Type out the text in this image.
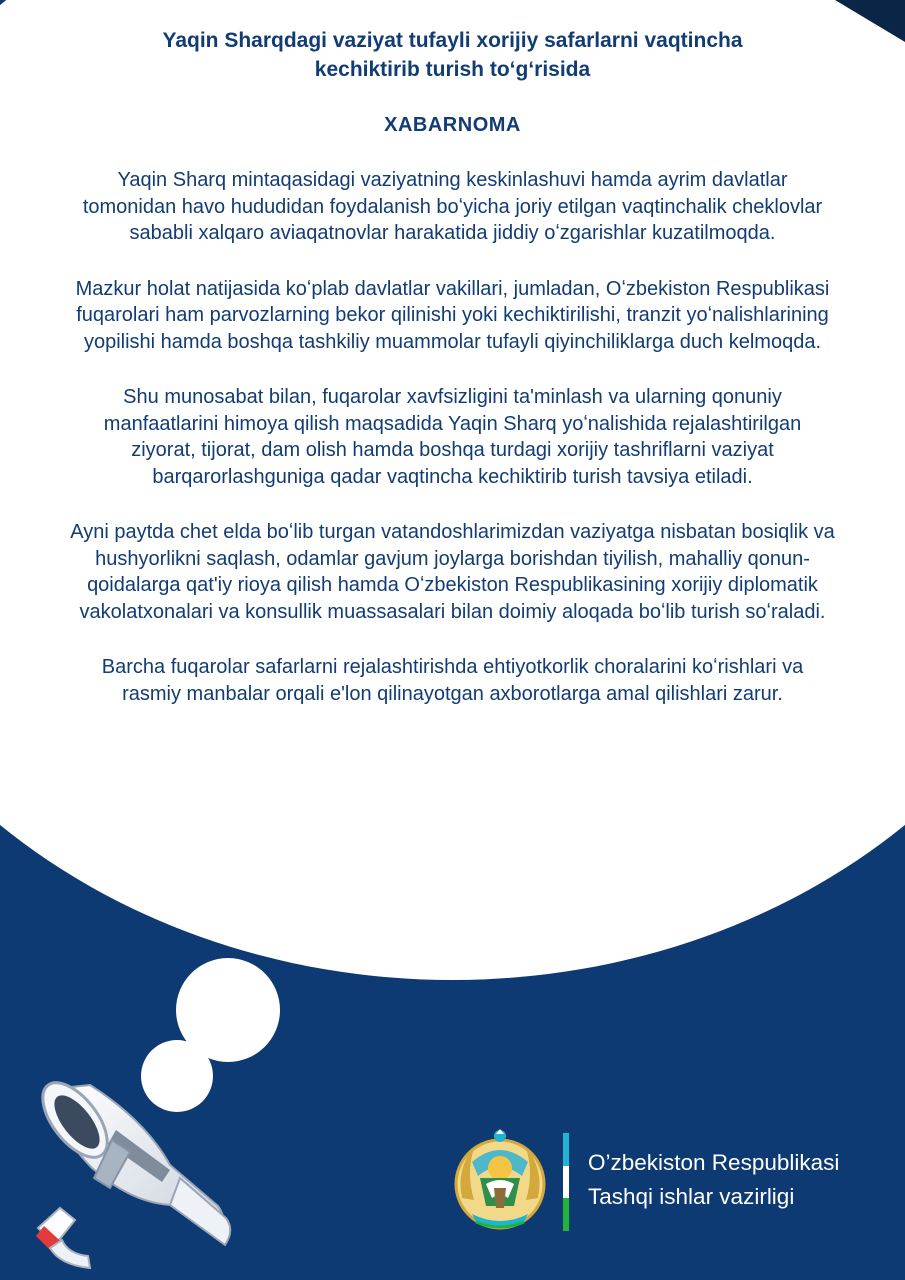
Yaqin Sharqdagi vaziyat tufayli xorijiy safarlarni vaqtincha
kechiktirib turish toʻgʻrisida

XABARNOMA

Yaqin Sharq mintaqasidagi vaziyatning keskinlashuvi hamda ayrim davlatlar tomonidan havo hududidan foydalanish boʻyicha joriy etilgan vaqtinchalik cheklovlar sababli xalqaro aviaqatnovlar harakatida jiddiy oʻzgarishlar kuzatilmoqda.

Mazkur holat natijasida koʻplab davlatlar vakillari, jumladan, Oʻzbekiston Respublikasi fuqarolari ham parvozlarning bekor qilinishi yoki kechiktirilishi, tranzit yoʻnalishlarining yopilishi hamda boshqa tashkiliy muammolar tufayli qiyinchiliklarga duch kelmoqda.

Shu munosabat bilan, fuqarolar xavfsizligini ta'minlash va ularning qonuniy manfaatlarini himoya qilish maqsadida Yaqin Sharq yoʻnalishida rejalashtirilgan ziyorat, tijorat, dam olish hamda boshqa turdagi xorijiy tashriflarni vaziyat barqarorlashguniga qadar vaqtincha kechiktirib turish tavsiya etiladi.

Ayni paytda chet elda boʻlib turgan vatandoshlarimizdan vaziyatga nisbatan bosiqlik va hushyorlikni saqlash, odamlar gavjum joylarga borishdan tiyilish, mahalliy qonun-qoidalarga qat'iy rioya qilish hamda Oʻzbekiston Respublikasining xorijiy diplomatik vakolatxonalari va konsullik muassasalari bilan doimiy aloqada boʻlib turish soʻraladi.

Barcha fuqarolar safarlarni rejalashtirishda ehtiyotkorlik choralarini koʻrishlari va rasmiy manbalar orqali e'lon qilinayotgan axborotlarga amal qilishlari zarur.

O’zbekiston Respublikasi
Tashqi ishlar vazirligi
